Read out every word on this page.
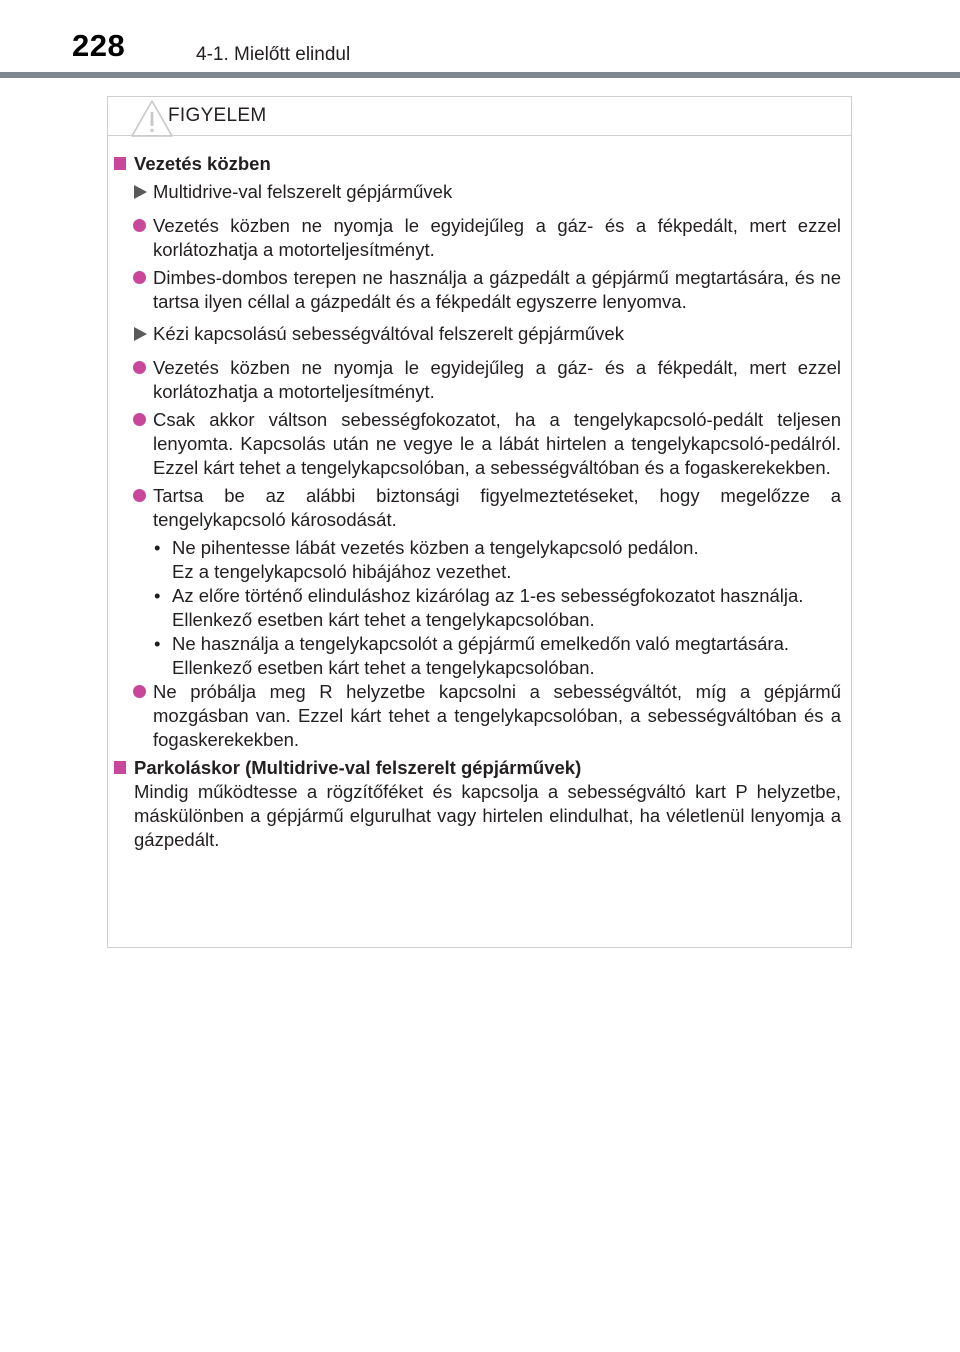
228	4-1. Mielőtt elindul
FIGYELEM

Vezetés közben

Multidrive-val felszerelt gépjárművek

Vezetés közben ne nyomja le egyidejűleg a gáz- és a fékpedált, mert ezzel korlátozhatja a motorteljesítményt.

Dimbes-dombos terepen ne használja a gázpedált a gépjármű megtartására, és ne tartsa ilyen céllal a gázpedált és a fékpedált egyszerre lenyomva.

Kézi kapcsolású sebességváltóval felszerelt gépjárművek

Vezetés közben ne nyomja le egyidejűleg a gáz- és a fékpedált, mert ezzel korlátozhatja a motorteljesítményt.

Csak akkor váltson sebességfokozatot, ha a tengelykapcsoló-pedált teljesen lenyomta. Kapcsolás után ne vegye le a lábát hirtelen a tengelykapcsoló-pedálról. Ezzel kárt tehet a tengelykapcsolóban, a sebességváltóban és a fogaskerekekben.

Tartsa be az alábbi biztonsági figyelmeztetéseket, hogy megelőzze a tengelykapcsoló károsodását.

• Ne pihentesse lábát vezetés közben a tengelykapcsoló pedálon.
Ez a tengelykapcsoló hibájához vezethet.

• Az előre történő elinduláshoz kizárólag az 1-es sebességfokozatot használja.
Ellenkező esetben kárt tehet a tengelykapcsolóban.

• Ne használja a tengelykapcsolót a gépjármű emelkedőn való megtartására.
Ellenkező esetben kárt tehet a tengelykapcsolóban.

Ne próbálja meg R helyzetbe kapcsolni a sebességváltót, míg a gépjármű mozgásban van. Ezzel kárt tehet a tengelykapcsolóban, a sebességváltóban és a fogaskerekekben.

Parkoláskor (Multidrive-val felszerelt gépjárművek)

Mindig működtesse a rögzítőféket és kapcsolja a sebességváltó kart P helyzetbe, máskülönben a gépjármű elgurulhat vagy hirtelen elindulhat, ha véletlenül lenyomja a gázpedált.
